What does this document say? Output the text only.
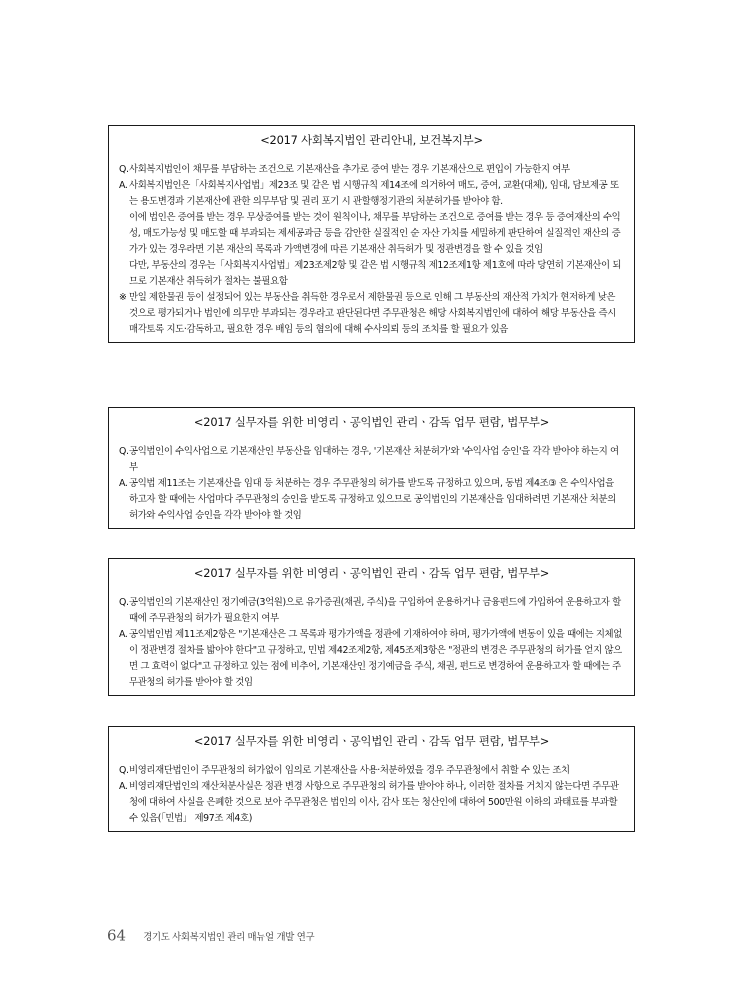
<2017 사회복지법인 관리안내, 보건복지부>
Q. 사회복지법인이 채무를 부담하는 조건으로 기본재산을 추가로 증여 받는 경우 기본재산으로 편입이 가능한지 여부
A. 사회복지법인은「사회복지사업법」제23조 및 같은 법 시행규칙 제14조에 의거하여 매도, 증여, 교환(대체), 임대, 담보제공 또는 용도변경과 기본재산에 관한 의무부담 및 권리 포기 시 관할행정기관의 처분허가를 받아야 함.
이에 법인은 증여를 받는 경우 무상증여를 받는 것이 원칙이나, 채무를 부담하는 조건으로 증여를 받는 경우 등 증여재산의 수익성, 매도가능성 및 매도할 때 부과되는 제세공과금 등을 감안한 실질적인 순 자산 가치를 세밀하게 판단하여 실질적인 재산의 증가가 있는 경우라면 기본 재산의 목록과 가액변경에 따른 기본재산 취득허가 및 정관변경을 할 수 있을 것임
다만, 부동산의 경우는「사회복지사업법」제23조제2항 및 같은 법 시행규칙 제12조제1항 제1호에 따라 당연히 기본재산이 되므로 기본재산 취득허가 절차는 불필요함
※ 만일 제한물권 등이 설정되어 있는 부동산을 취득한 경우로서 제한물권 등으로 인해 그 부동산의 재산적 가치가 현저하게 낮은 것으로 평가되거나 법인에 의무만 부과되는 경우라고 판단된다면 주무관청은 해당 사회복지법인에 대하여 해당 부동산을 즉시 매각토록 지도·감독하고, 필요한 경우 배임 등의 혐의에 대해 수사의뢰 등의 조치를 할 필요가 있음
<2017 실무자를 위한 비영리ㆍ공익법인 관리ㆍ감독 업무 편람, 법무부>
Q. 공익법인이 수익사업으로 기본재산인 부동산을 임대하는 경우, '기본재산 처분허가'와 '수익사업 승인'을 각각 받아야 하는지 여부
A. 공익법 제11조는 기본재산을 임대 등 처분하는 경우 주무관청의 허가를 받도록 규정하고 있으며, 동법 제4조③ 은 수익사업을 하고자 할 때에는 사업마다 주무관청의 승인을 받도록 규정하고 있으므로 공익법인의 기본재산을 임대하려면 기본재산 처분의 허가와 수익사업 승인을 각각 받아야 할 것임
<2017 실무자를 위한 비영리ㆍ공익법인 관리ㆍ감독 업무 편람, 법무부>
Q. 공익법인의 기본재산인 정기예금(3억원)으로 유가증권(채권, 주식)을 구입하여 운용하거나 금융펀드에 가입하여 운용하고자 할 때에 주무관청의 허가가 필요한지 여부
A. 공익법인법 제11조제2항은 "기본재산은 그 목록과 평가가액을 정관에 기재하여야 하며, 평가가액에 변동이 있을 때에는 지체없이 정관변경 절차를 밟아야 한다"고 규정하고, 민법 제42조제2항, 제45조제3항은 "정관의 변경은 주무관청의 허가를 얻지 않으면 그 효력이 없다"고 규정하고 있는 점에 비추어, 기본재산인 정기예금을 주식, 채권, 펀드로 변경하여 운용하고자 할 때에는 주무관청의 허가를 받아야 할 것임
<2017 실무자를 위한 비영리ㆍ공익법인 관리ㆍ감독 업무 편람, 법무부>
Q. 비영리재단법인이 주무관청의 허가없이 임의로 기본재산을 사용·처분하였을 경우 주무관청에서 취할 수 있는 조치
A. 비영리재단법인의 재산처분사실은 정관 변경 사항으로 주무관청의 허가를 받아야 하나, 이러한 절차를 거치지 않는다면 주무관청에 대하여 사실을 은폐한 것으로 보아 주무관청은 법인의 이사, 감사 또는 청산인에 대하여 500만원 이하의 과태료를 부과할 수 있음(「민법」 제97조 제4호)
64 경기도 사회복지법인 관리 매뉴얼 개발 연구
